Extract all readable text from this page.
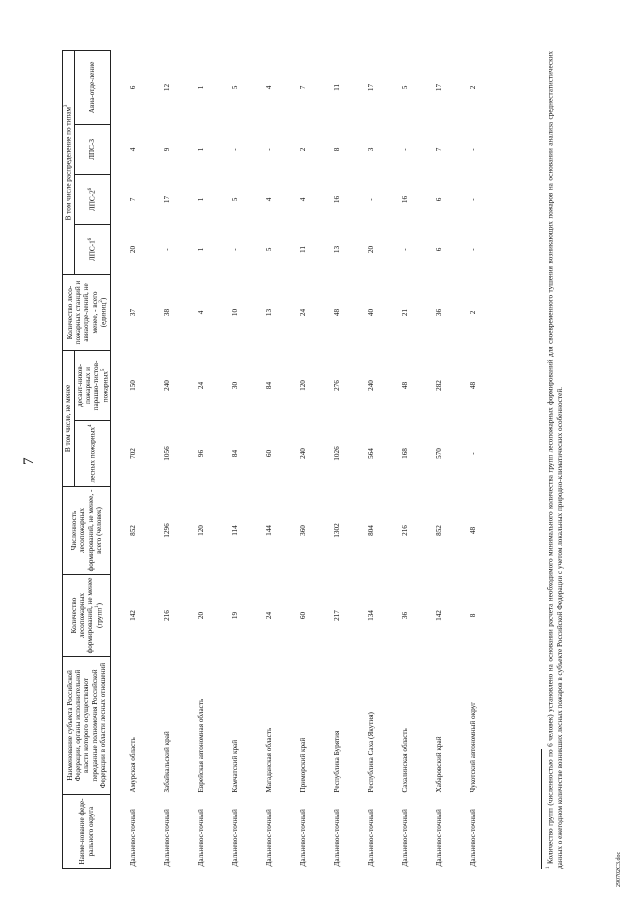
7
Наиме-нование феде-рального округа	Наименование субъекта Российской Федерации, органы исполнительной власти которого осуществляют переданные полномочия Российской Федерации в области лесных отношений	Количество лесопожарных формирований, не менее (групп$^1$)	Численность лесопожарных формирований, не менее, - всего (человек)	В том числе, не менее		Количество лесо-пожарных станций и авиаотде-лений, не менее, - всего (единиц$^2$)	В том числе распределение по типам$^3$
				лесных пожарных$^4$	десант-ников-пожарных и парашю-тистов-пожарных$^5$		ЛПС-$1^6$	ЛПС-$2^6$	ЛПС-3	Авиа-отде-ление
Дальневос-точный	Амурская область	142	852	702	150	37	20	7	4	6
Дальневос-точный	Забайкальский край	216	1296	1056	240	38	-	17	9	12
Дальневос-точный	Еврейская автономная область	20	120	96	24	4	1	1	1	1
Дальневос-точный	Камчатский край	19	114	84	30	10	-	5	-	5
Дальневос-точный	Магаданская область	24	144	60	84	13	5	4	-	4
Дальневос-точный	Приморский край	60	360	240	120	24	11	4	2	7
Дальневос-точный	Республика Бурятия	217	1302	1026	276	48	13	16	8	11
Дальневос-точный	Республика Саха (Якутия)	134	804	564	240	40	20	-	3	17
Дальневос-точный	Сахалинская область	36	216	168	48	21	-	16	-	5
Дальневос-точный	Хабаровский край	142	852	570	282	36	6	6	7	17
Дальневос-точный	Чукотский автономный округ	8	48	-	48	2	-	-	-	2
$^1$ Количество групп (численностью по 6 человек) установлено на основании расчета необходимого минимального количества групп лесопожарных формирований для своевременного тушения возникающих пожаров на основании анализа среднестатистических данных о ежегодном количестве возникших лесных пожаров в субъекте Российской Федерации с учетом локальных природно-климатических особенностей.
290702C3.doc
